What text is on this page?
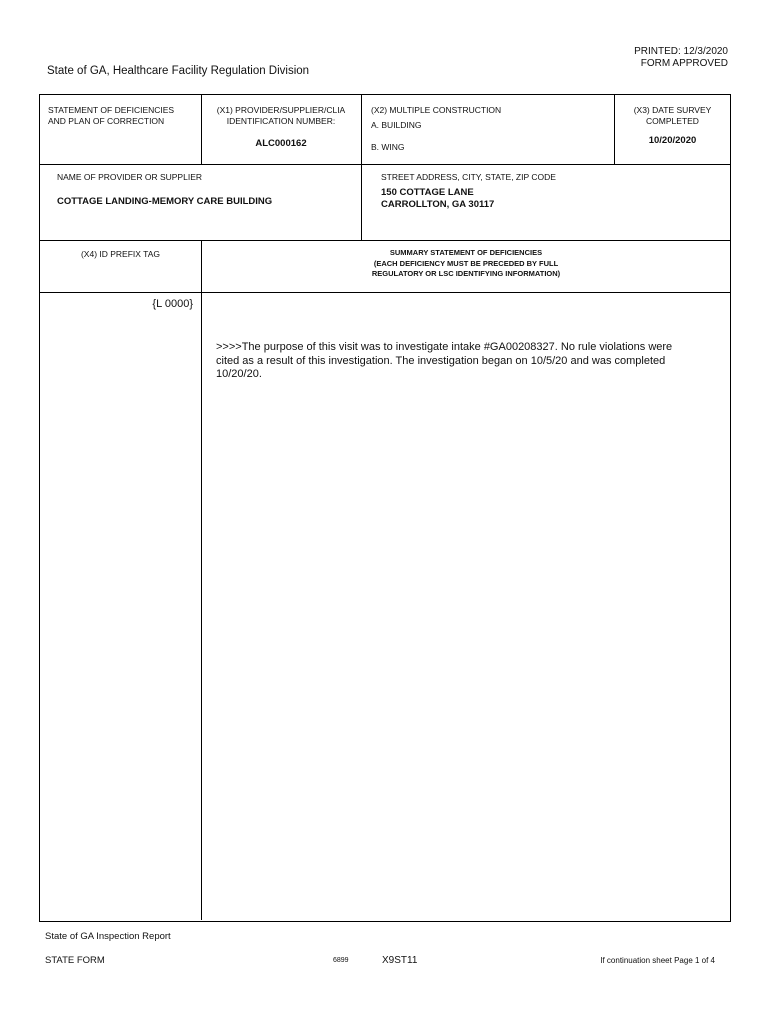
PRINTED: 12/3/2020
FORM APPROVED
State of GA, Healthcare Facility Regulation Division
STATEMENT OF DEFICIENCIES
AND PLAN OF CORRECTION
(X1) PROVIDER/SUPPLIER/CLIA
IDENTIFICATION NUMBER:
ALC000162
(X2) MULTIPLE CONSTRUCTION
A. BUILDING
B. WING
(X3) DATE SURVEY
COMPLETED
10/20/2020
NAME OF PROVIDER OR SUPPLIER
COTTAGE LANDING-MEMORY CARE BUILDING
STREET ADDRESS, CITY, STATE, ZIP CODE
150 COTTAGE LANE
CARROLLTON, GA 30117
(X4) ID PREFIX TAG	SUMMARY STATEMENT OF DEFICIENCIES
(EACH DEFICIENCY MUST BE PRECEDED BY FULL
REGULATORY OR LSC IDENTIFYING INFORMATION)
{L 0000}
>>>>The purpose of this visit was to investigate intake #GA00208327. No rule violations were
cited as a result of this investigation. The investigation began on 10/5/20 and was completed
10/20/20.
State of GA Inspection Report
STATE FORM	6899	X9ST11	If continuation sheet Page 1 of 4
